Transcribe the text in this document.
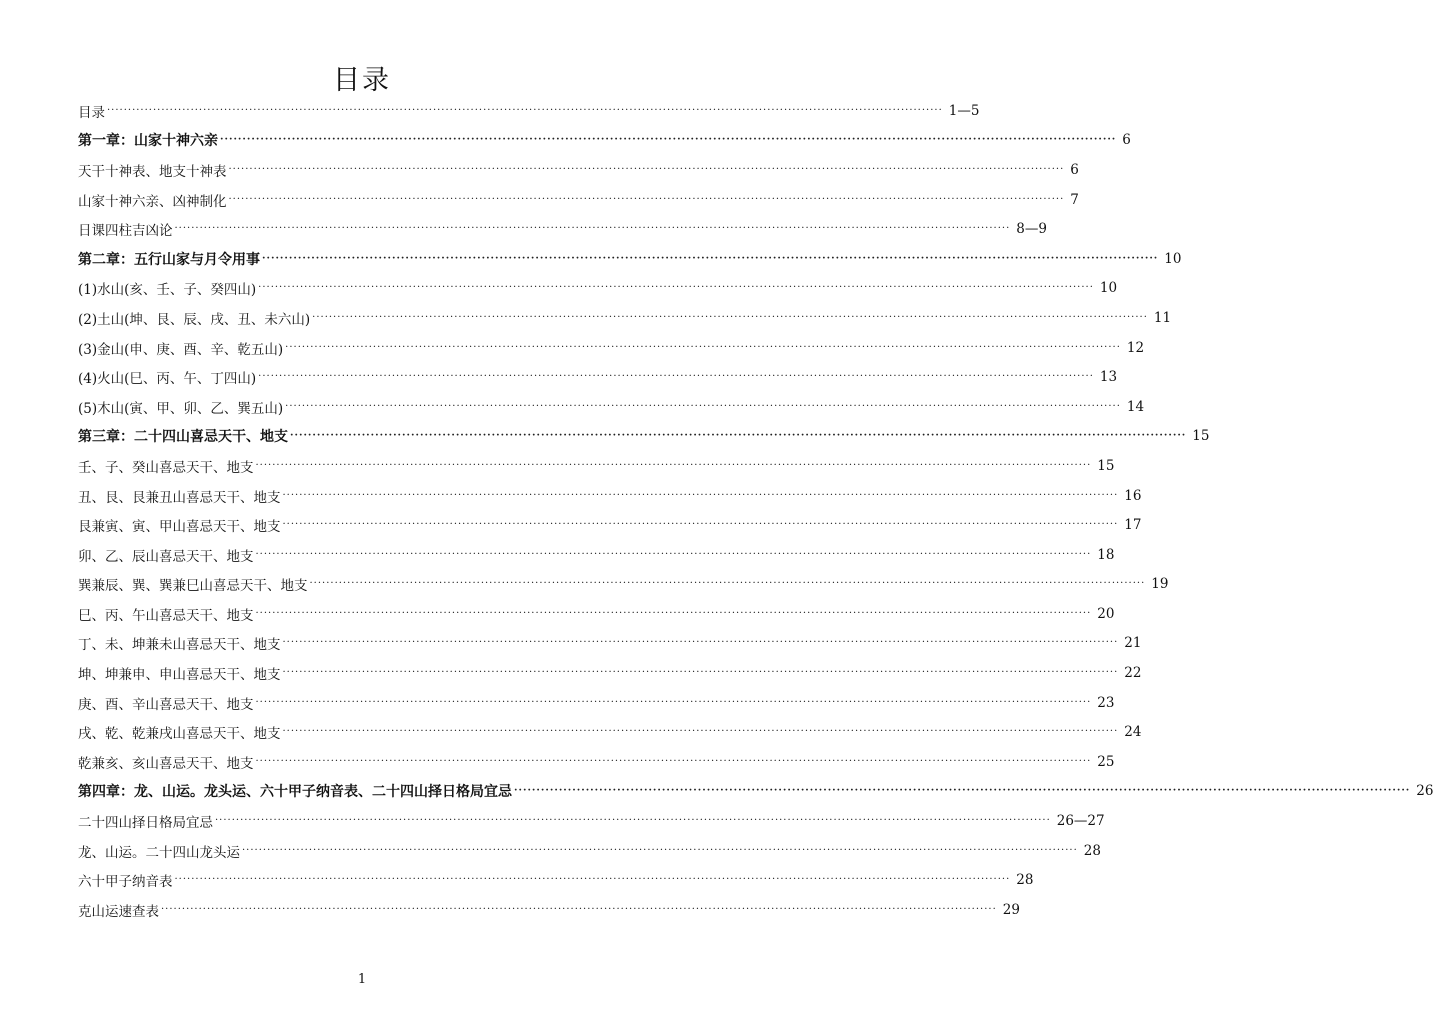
目录
目录 ········································································································································································································ 1—5
第一章：山家十神六亲 ········································································································································································································ 6
天干十神表、地支十神表 ········································································································································································································ 6
山家十神六亲、凶神制化 ········································································································································································································ 7
日课四柱吉凶论 ········································································································································································································ 8—9
第二章：五行山家与月令用事 ········································································································································································································ 10
(1)水山(亥、壬、子、癸四山) ········································································································································································································ 10
(2)土山(坤、艮、辰、戌、丑、未六山) ········································································································································································································ 11
(3)金山(申、庚、酉、辛、乾五山) ········································································································································································································ 12
(4)火山(巳、丙、午、丁四山) ········································································································································································································ 13
(5)木山(寅、甲、卯、乙、巽五山) ········································································································································································································ 14
第三章：二十四山喜忌天干、地支 ········································································································································································································ 15
壬、子、癸山喜忌天干、地支 ········································································································································································································ 15
丑、艮、艮兼丑山喜忌天干、地支 ········································································································································································································ 16
艮兼寅、寅、甲山喜忌天干、地支 ········································································································································································································ 17
卯、乙、辰山喜忌天干、地支 ········································································································································································································ 18
巽兼辰、巽、巽兼巳山喜忌天干、地支 ········································································································································································································ 19
巳、丙、午山喜忌天干、地支 ········································································································································································································ 20
丁、未、坤兼未山喜忌天干、地支 ········································································································································································································ 21
坤、坤兼申、申山喜忌天干、地支 ········································································································································································································ 22
庚、酉、辛山喜忌天干、地支 ········································································································································································································ 23
戌、乾、乾兼戌山喜忌天干、地支 ········································································································································································································ 24
乾兼亥、亥山喜忌天干、地支 ········································································································································································································ 25
第四章：龙、山运。龙头运、六十甲子纳音表、二十四山择日格局宜忌 ········································································································································································································ 26
二十四山择日格局宜忌 ········································································································································································································ 26—27
龙、山运。二十四山龙头运 ········································································································································································································ 28
六十甲子纳音表 ········································································································································································································ 28
克山运速查表 ········································································································································································································ 29
1
